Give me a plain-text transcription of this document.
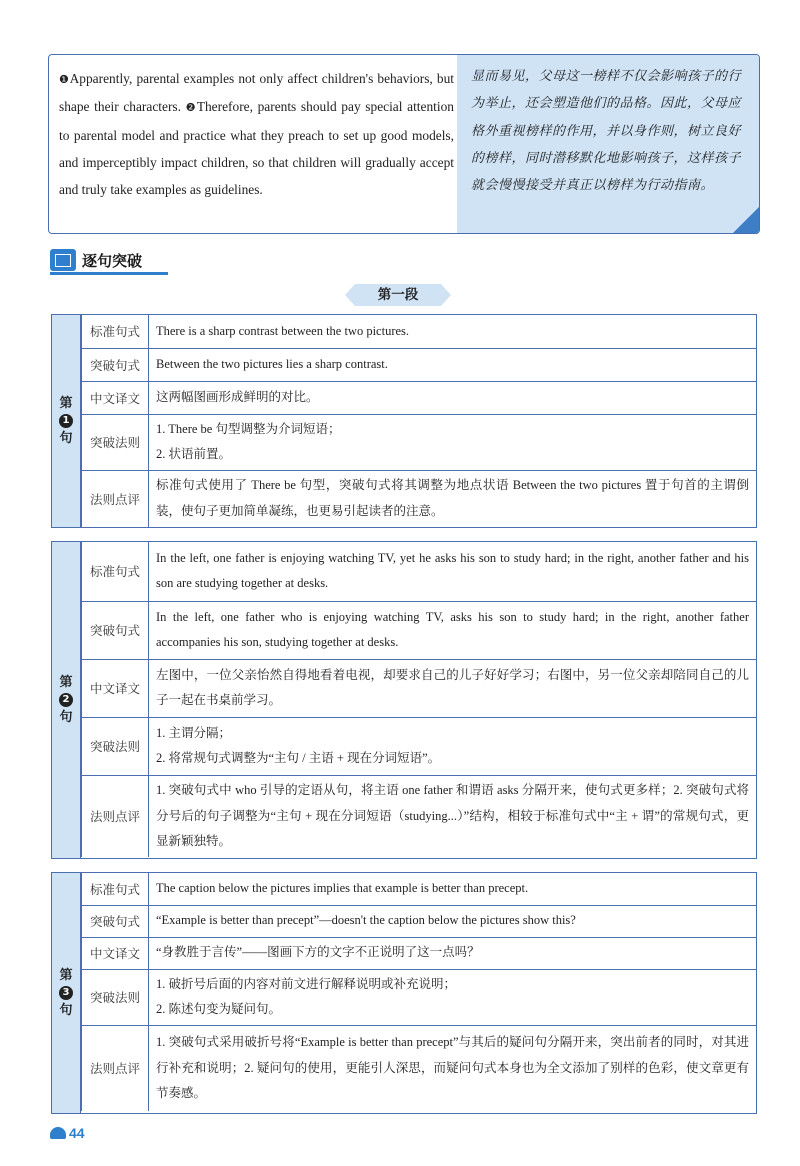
❶Apparently, parental examples not only affect children's behaviors, but shape their characters. ❷Therefore, parents should pay special attention to parental model and practice what they preach to set up good models, and imperceptibly impact children, so that children will gradually accept and truly take examples as guidelines.
显而易见，父母这一榜样不仅会影响孩子的行为举止，还会塑造他们的品格。因此，父母应格外重视榜样的作用，并以身作则，树立良好的榜样，同时潜移默化地影响孩子，这样孩子就会慢慢接受并真正以榜样为行动指南。
逐句突破
第一段
第
1
句
标准句式	There is a sharp contrast between the two pictures.
突破句式	Between the two pictures lies a sharp contrast.
中文译文	这两幅图画形成鲜明的对比。
突破法则	1. There be 句型调整为介词短语；
2. 状语前置。

法则点评	标准句式使用了 There be 句型，突破句式将其调整为地点状语 Between the two pictures 置于句首的主谓倒装，使句子更加简单凝练，也更易引起读者的注意。
第
2
句
标准句式	In the left, one father is enjoying watching TV, yet he asks his son to study hard; in the right, another father and his son are studying together at desks.
突破句式	In the left, one father who is enjoying watching TV, asks his son to study hard; in the right, another father accompanies his son, studying together at desks.
中文译文	左图中，一位父亲怡然自得地看着电视，却要求自己的儿子好好学习；右图中，另一位父亲却陪同自己的儿子一起在书桌前学习。
突破法则	1. 主谓分隔；
2. 将常规句式调整为“主句 / 主语 + 现在分词短语”。

法则点评	1. 突破句式中 who 引导的定语从句，将主语 one father 和谓语 asks 分隔开来，使句式更多样；2. 突破句式将分号后的句子调整为“主句 + 现在分词短语（studying...）”结构，相较于标准句式中“主 + 谓”的常规句式，更显新颖独特。
第
3
句
标准句式	The caption below the pictures implies that example is better than precept.
突破句式	“Example is better than precept”—doesn't the caption below the pictures show this?
中文译文	“身教胜于言传”——图画下方的文字不正说明了这一点吗？
突破法则	1. 破折号后面的内容对前文进行解释说明或补充说明；
2. 陈述句变为疑问句。

法则点评	1. 突破句式采用破折号将“Example is better than precept”与其后的疑问句分隔开来，突出前者的同时，对其进行补充和说明；2. 疑问句的使用，更能引人深思，而疑问句式本身也为全文添加了别样的色彩，使文章更有节奏感。
44
